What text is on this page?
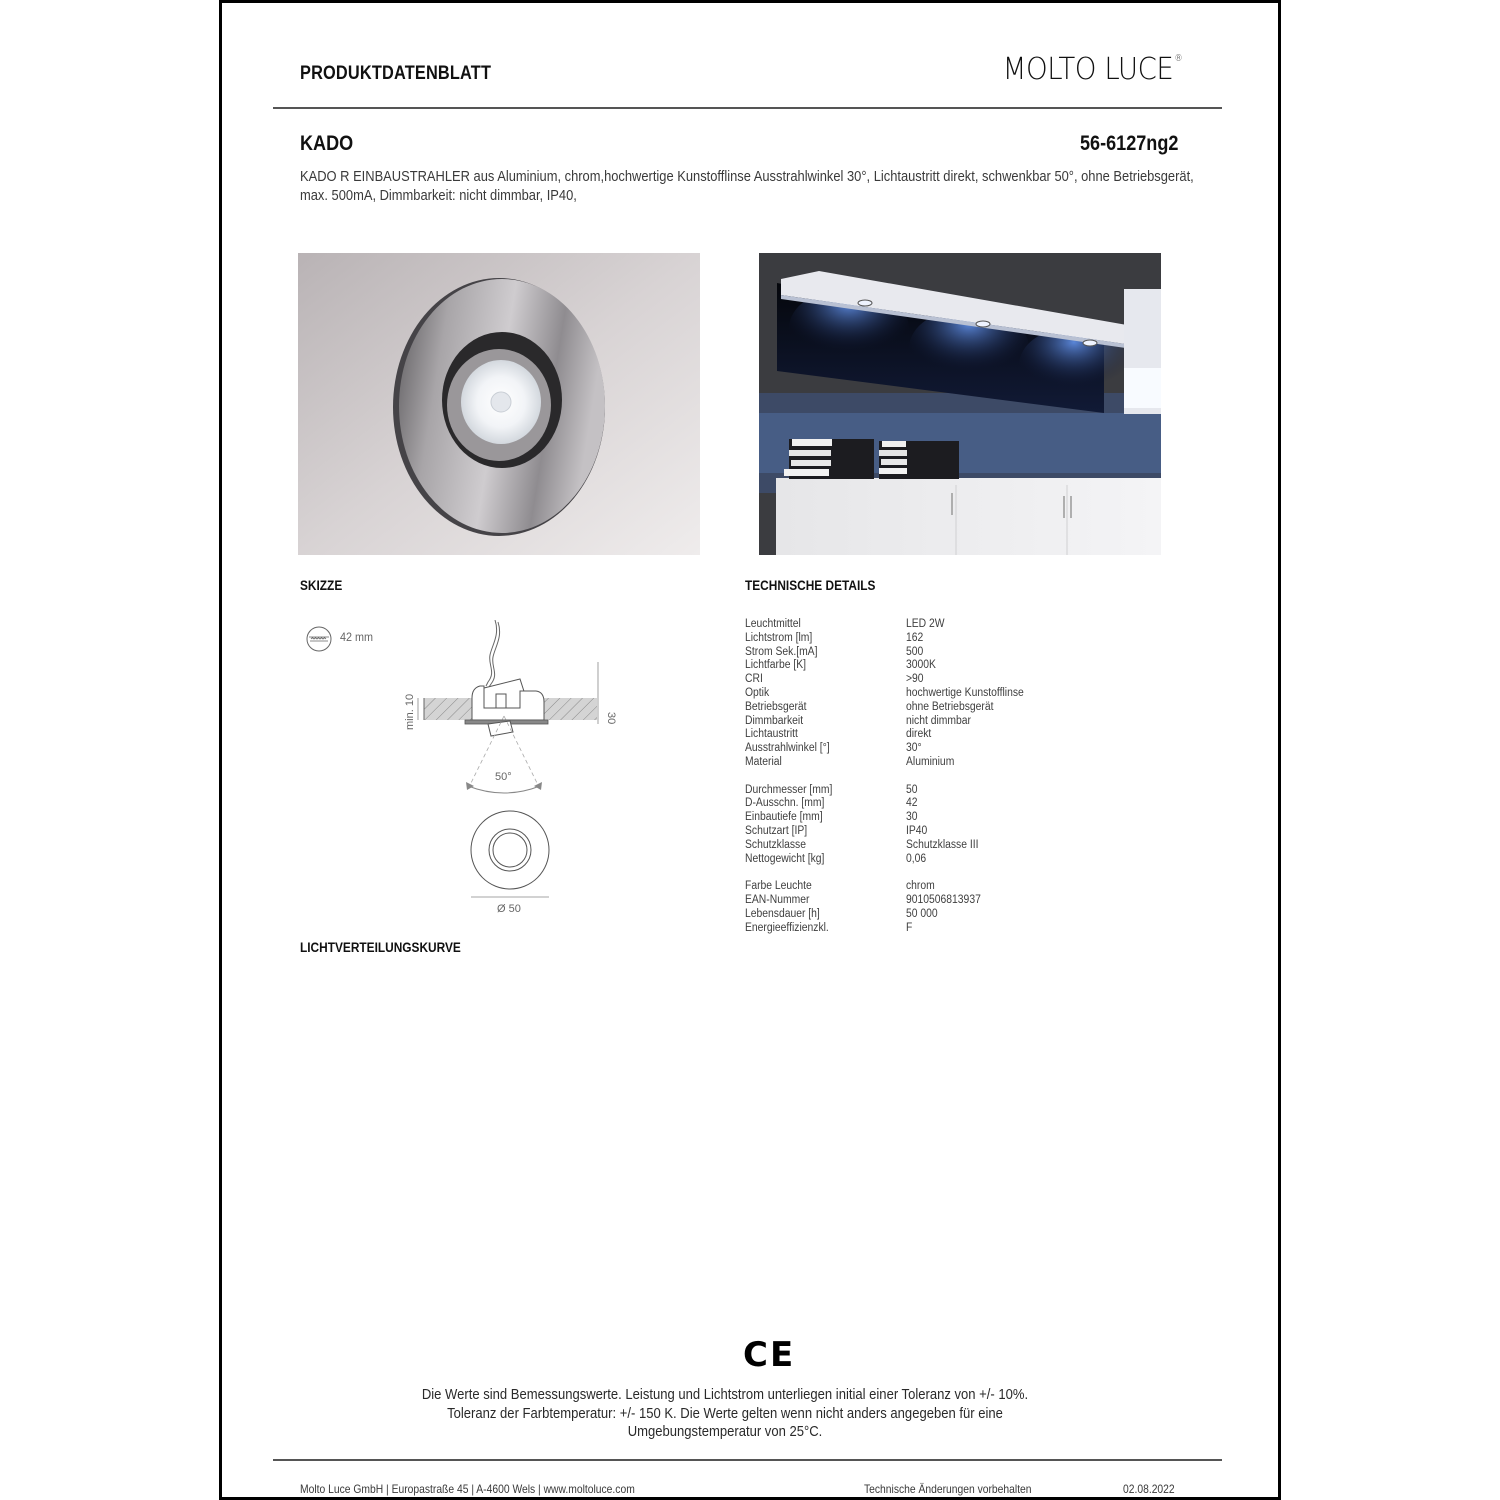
PRODUKTDATENBLATT	MOLTO LUCE®
KADO	56-6127ng2
KADO R EINBAUSTRAHLER aus Aluminium, chrom,hochwertige Kunstofflinse Ausstrahlwinkel 30°, Lichtaustritt direkt, schwenkbar 50°, ohne Betriebsgerät, max. 500mA, Dimmbarkeit: nicht dimmbar, IP40,
SKIZZE	TECHNISCHE DETAILS
42 mm
min. 10	30
50°
Ø 50
LICHTVERTEILUNGSKURVE
Leuchtmittel	LED 2W
Lichtstrom [lm]	162
Strom Sek.[mA]	500
Lichtfarbe [K]	3000K
CRI	>90
Optik	hochwertige Kunstofflinse
Betriebsgerät	ohne Betriebsgerät
Dimmbarkeit	nicht dimmbar
Lichtaustritt	direkt
Ausstrahlwinkel [°]	30°
Material	Aluminium
Durchmesser [mm]	50
D-Ausschn. [mm]	42
Einbautiefe [mm]	30
Schutzart [IP]	IP40
Schutzklasse	Schutzklasse III
Nettogewicht [kg]	0,06
Farbe Leuchte	chrom
EAN-Nummer	9010506813937
Lebensdauer [h]	50 000
Energieeffizienzkl.	F
CE
Die Werte sind Bemessungswerte. Leistung und Lichtstrom unterliegen initial einer Toleranz von +/- 10%.
Toleranz der Farbtemperatur: +/- 150 K. Die Werte gelten wenn nicht anders angegeben für eine
Umgebungstemperatur von 25°C.
Molto Luce GmbH | Europastraße 45 | A-4600 Wels | www.moltoluce.com	Technische Änderungen vorbehalten	02.08.2022
